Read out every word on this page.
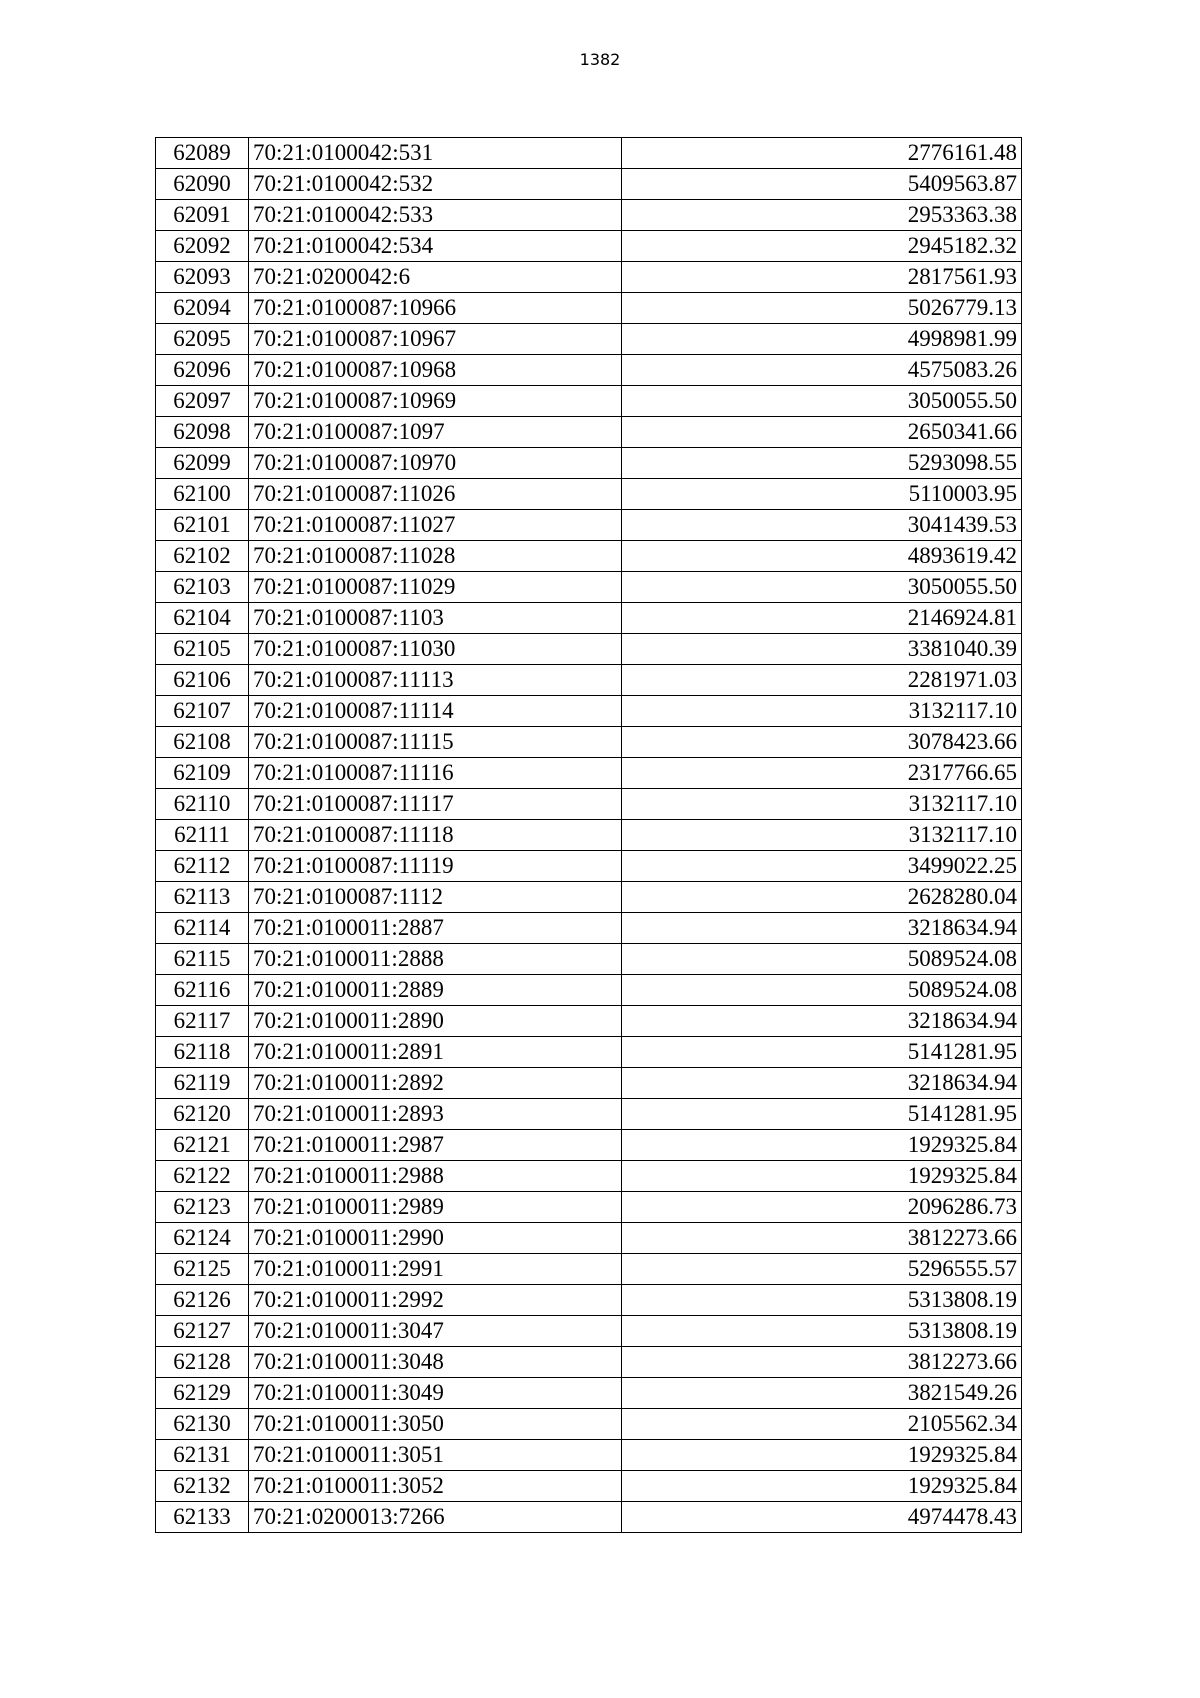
1382
62089	70:21:0100042:531	2776161.48
62090	70:21:0100042:532	5409563.87
62091	70:21:0100042:533	2953363.38
62092	70:21:0100042:534	2945182.32
62093	70:21:0200042:6	2817561.93
62094	70:21:0100087:10966	5026779.13
62095	70:21:0100087:10967	4998981.99
62096	70:21:0100087:10968	4575083.26
62097	70:21:0100087:10969	3050055.50
62098	70:21:0100087:1097	2650341.66
62099	70:21:0100087:10970	5293098.55
62100	70:21:0100087:11026	5110003.95
62101	70:21:0100087:11027	3041439.53
62102	70:21:0100087:11028	4893619.42
62103	70:21:0100087:11029	3050055.50
62104	70:21:0100087:1103	2146924.81
62105	70:21:0100087:11030	3381040.39
62106	70:21:0100087:11113	2281971.03
62107	70:21:0100087:11114	3132117.10
62108	70:21:0100087:11115	3078423.66
62109	70:21:0100087:11116	2317766.65
62110	70:21:0100087:11117	3132117.10
62111	70:21:0100087:11118	3132117.10
62112	70:21:0100087:11119	3499022.25
62113	70:21:0100087:1112	2628280.04
62114	70:21:0100011:2887	3218634.94
62115	70:21:0100011:2888	5089524.08
62116	70:21:0100011:2889	5089524.08
62117	70:21:0100011:2890	3218634.94
62118	70:21:0100011:2891	5141281.95
62119	70:21:0100011:2892	3218634.94
62120	70:21:0100011:2893	5141281.95
62121	70:21:0100011:2987	1929325.84
62122	70:21:0100011:2988	1929325.84
62123	70:21:0100011:2989	2096286.73
62124	70:21:0100011:2990	3812273.66
62125	70:21:0100011:2991	5296555.57
62126	70:21:0100011:2992	5313808.19
62127	70:21:0100011:3047	5313808.19
62128	70:21:0100011:3048	3812273.66
62129	70:21:0100011:3049	3821549.26
62130	70:21:0100011:3050	2105562.34
62131	70:21:0100011:3051	1929325.84
62132	70:21:0100011:3052	1929325.84
62133	70:21:0200013:7266	4974478.43
